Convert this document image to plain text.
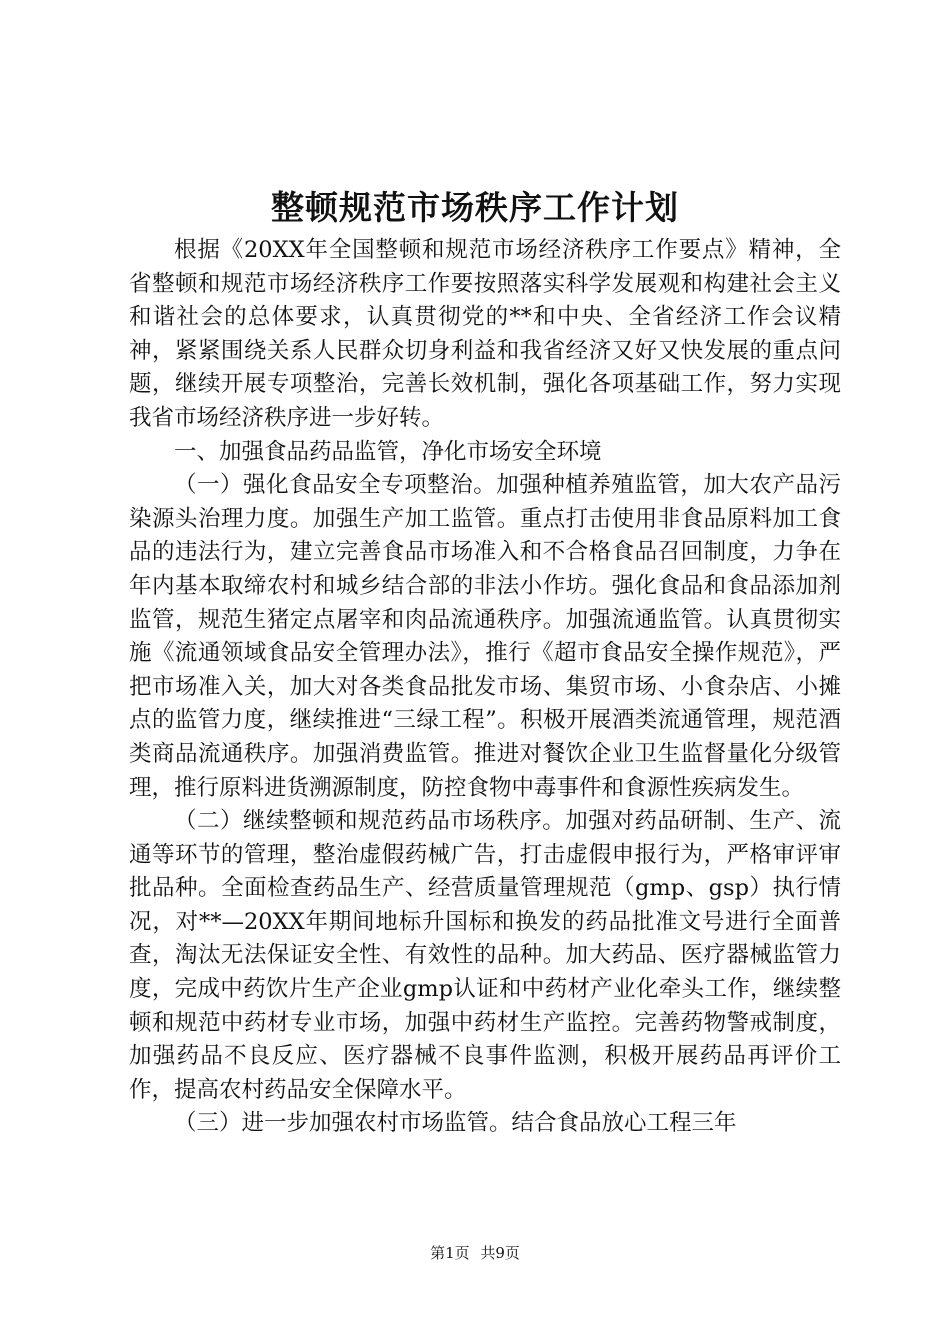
整顿规范市场秩序工作计划

根据《20XX年全国整顿和规范市场经济秩序工作要点》精神，全省整顿和规范市场经济秩序工作要按照落实科学发展观和构建社会主义和谐社会的总体要求，认真贯彻党的**和中央、全省经济工作会议精神，紧紧围绕关系人民群众切身利益和我省经济又好又快发展的重点问题，继续开展专项整治，完善长效机制，强化各项基础工作，努力实现我省市场经济秩序进一步好转。

一、加强食品药品监管，净化市场安全环境

（一）强化食品安全专项整治。加强种植养殖监管，加大农产品污染源头治理力度。加强生产加工监管。重点打击使用非食品原料加工食品的违法行为，建立完善食品市场准入和不合格食品召回制度，力争在年内基本取缔农村和城乡结合部的非法小作坊。强化食品和食品添加剂监管，规范生猪定点屠宰和肉品流通秩序。加强流通监管。认真贯彻实施《流通领域食品安全管理办法》，推行《超市食品安全操作规范》，严把市场准入关，加大对各类食品批发市场、集贸市场、小食杂店、小摊点的监管力度，继续推进“三绿工程”。积极开展酒类流通管理，规范酒类商品流通秩序。加强消费监管。推进对餐饮企业卫生监督量化分级管理，推行原料进货溯源制度，防控食物中毒事件和食源性疾病发生。

（二）继续整顿和规范药品市场秩序。加强对药品研制、生产、流通等环节的管理，整治虚假药械广告，打击虚假申报行为，严格审评审批品种。全面检查药品生产、经营质量管理规范（gmp、gsp）执行情况，对**—20XX年期间地标升国标和换发的药品批准文号进行全面普查，淘汰无法保证安全性、有效性的品种。加大药品、医疗器械监管力度，完成中药饮片生产企业gmp认证和中药材产业化牵头工作，继续整顿和规范中药材专业市场，加强中药材生产监控。完善药物警戒制度，加强药品不良反应、医疗器械不良事件监测，积极开展药品再评价工作，提高农村药品安全保障水平。

（三）进一步加强农村市场监管。结合食品放心工程三年

第1页 共9页
